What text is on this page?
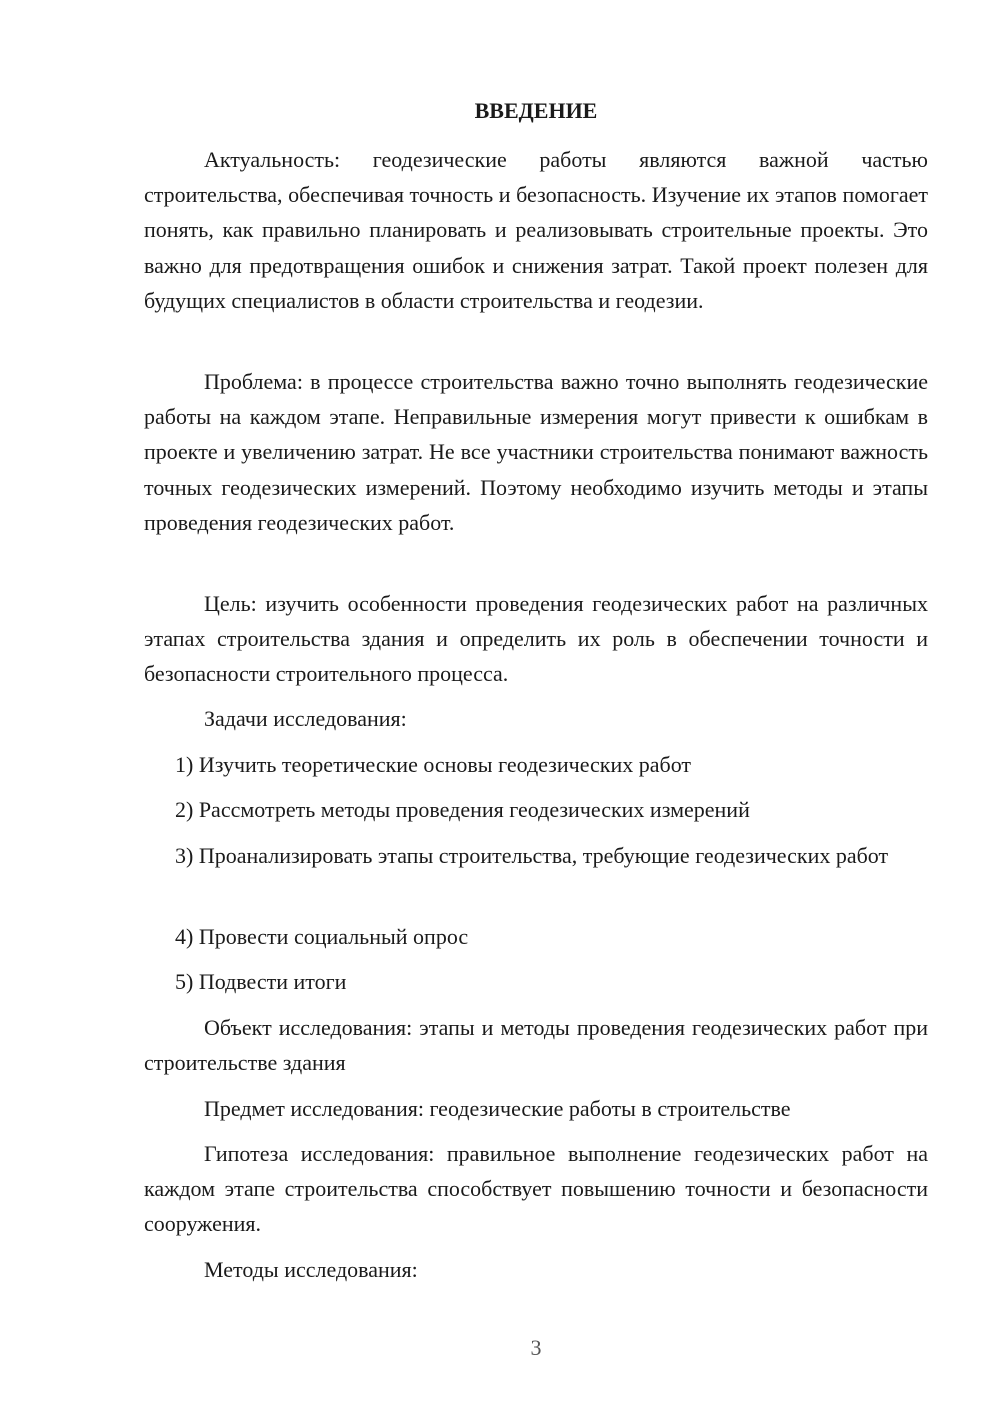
ВВЕДЕНИЕ

Актуальность: геодезические работы являются важной частью строительства, обеспечивая точность и безопасность. Изучение их этапов помогает понять, как правильно планировать и реализовывать строительные проекты. Это важно для предотвращения ошибок и снижения затрат. Такой проект полезен для будущих специалистов в области строительства и геодезии.

Проблема: в процессе строительства важно точно выполнять геодезические работы на каждом этапе. Неправильные измерения могут привести к ошибкам в проекте и увеличению затрат. Не все участники строительства понимают важность точных геодезических измерений. Поэтому необходимо изучить методы и этапы проведения геодезических работ.

Цель: изучить особенности проведения геодезических работ на различных этапах строительства здания и определить их роль в обеспечении точности и безопасности строительного процесса.

Задачи исследования:

1) Изучить теоретические основы геодезических работ

2) Рассмотреть методы проведения геодезических измерений

3) Проанализировать этапы строительства, требующие геодезических работ

4) Провести социальный опрос

5) Подвести итоги

Объект исследования: этапы и методы проведения геодезических работ при строительстве здания

Предмет исследования: геодезические работы в строительстве

Гипотеза исследования: правильное выполнение геодезических работ на каждом этапе строительства способствует повышению точности и безопасности сооружения.

Методы исследования:

3
